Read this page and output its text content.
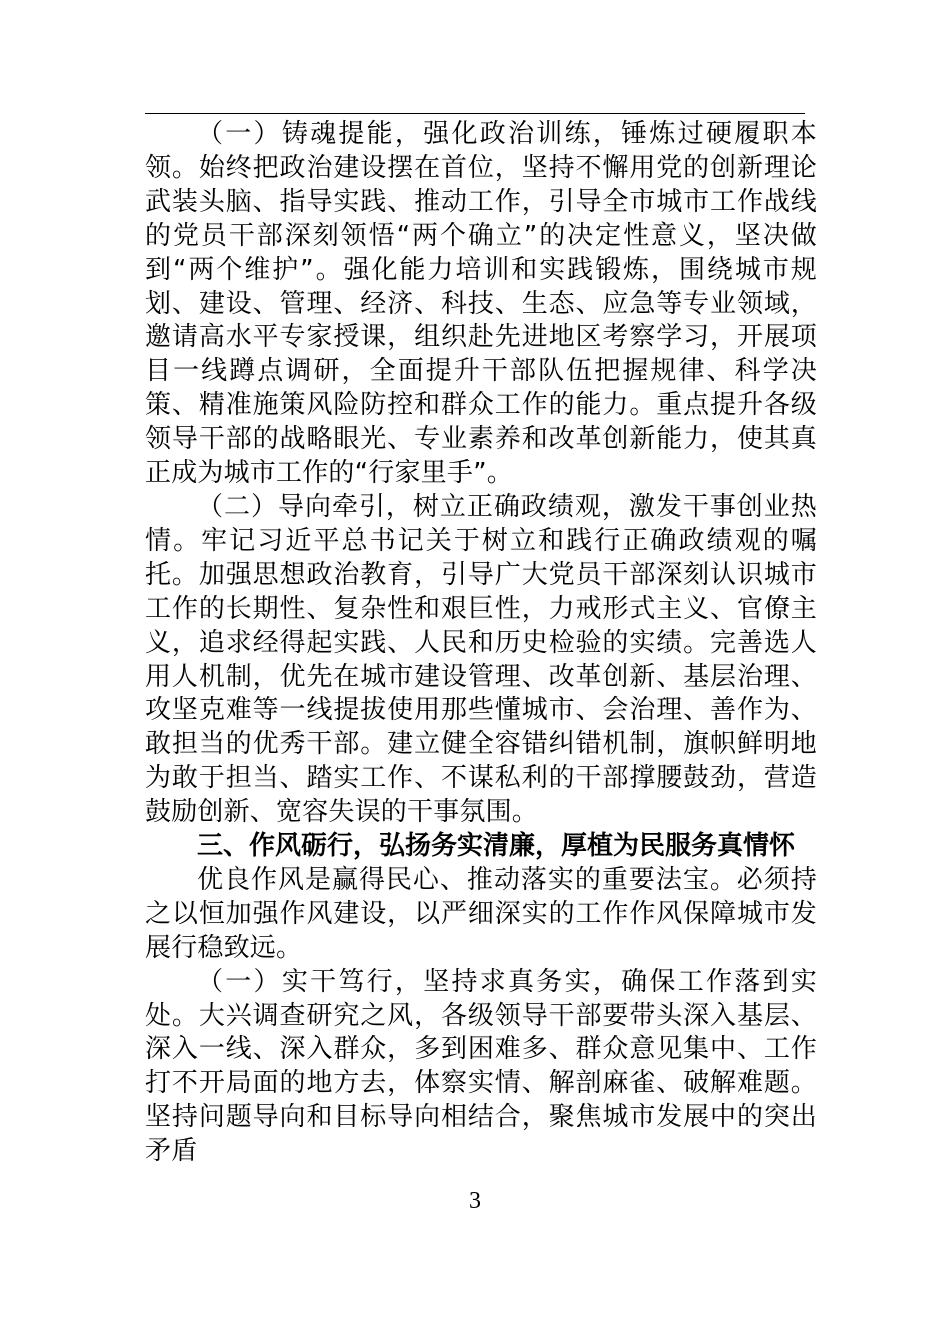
（一）铸魂提能，强化政治训练，锤炼过硬履职本领。始终把政治建设摆在首位，坚持不懈用党的创新理论武装头脑、指导实践、推动工作，引导全市城市工作战线的党员干部深刻领悟“两个确立”的决定性意义，坚决做到“两个维护”。强化能力培训和实践锻炼，围绕城市规划、建设、管理、经济、科技、生态、应急等专业领域，邀请高水平专家授课，组织赴先进地区考察学习，开展项目一线蹲点调研，全面提升干部队伍把握规律、科学决策、精准施策风险防控和群众工作的能力。重点提升各级领导干部的战略眼光、专业素养和改革创新能力，使其真正成为城市工作的“行家里手”。

（二）导向牵引，树立正确政绩观，激发干事创业热情。牢记习近平总书记关于树立和践行正确政绩观的嘱托。加强思想政治教育，引导广大党员干部深刻认识城市工作的长期性、复杂性和艰巨性，力戒形式主义、官僚主义，追求经得起实践、人民和历史检验的实绩。完善选人用人机制，优先在城市建设管理、改革创新、基层治理、攻坚克难等一线提拔使用那些懂城市、会治理、善作为、敢担当的优秀干部。建立健全容错纠错机制，旗帜鲜明地为敢于担当、踏实工作、不谋私利的干部撑腰鼓劲，营造鼓励创新、宽容失误的干事氛围。

三、作风砺行，弘扬务实清廉，厚植为民服务真情怀

优良作风是赢得民心、推动落实的重要法宝。必须持之以恒加强作风建设，以严细深实的工作作风保障城市发展行稳致远。

（一）实干笃行，坚持求真务实，确保工作落到实处。大兴调查研究之风，各级领导干部要带头深入基层、深入一线、深入群众，多到困难多、群众意见集中、工作打不开局面的地方去，体察实情、解剖麻雀、破解难题。坚持问题导向和目标导向相结合，聚焦城市发展中的突出矛盾

3
